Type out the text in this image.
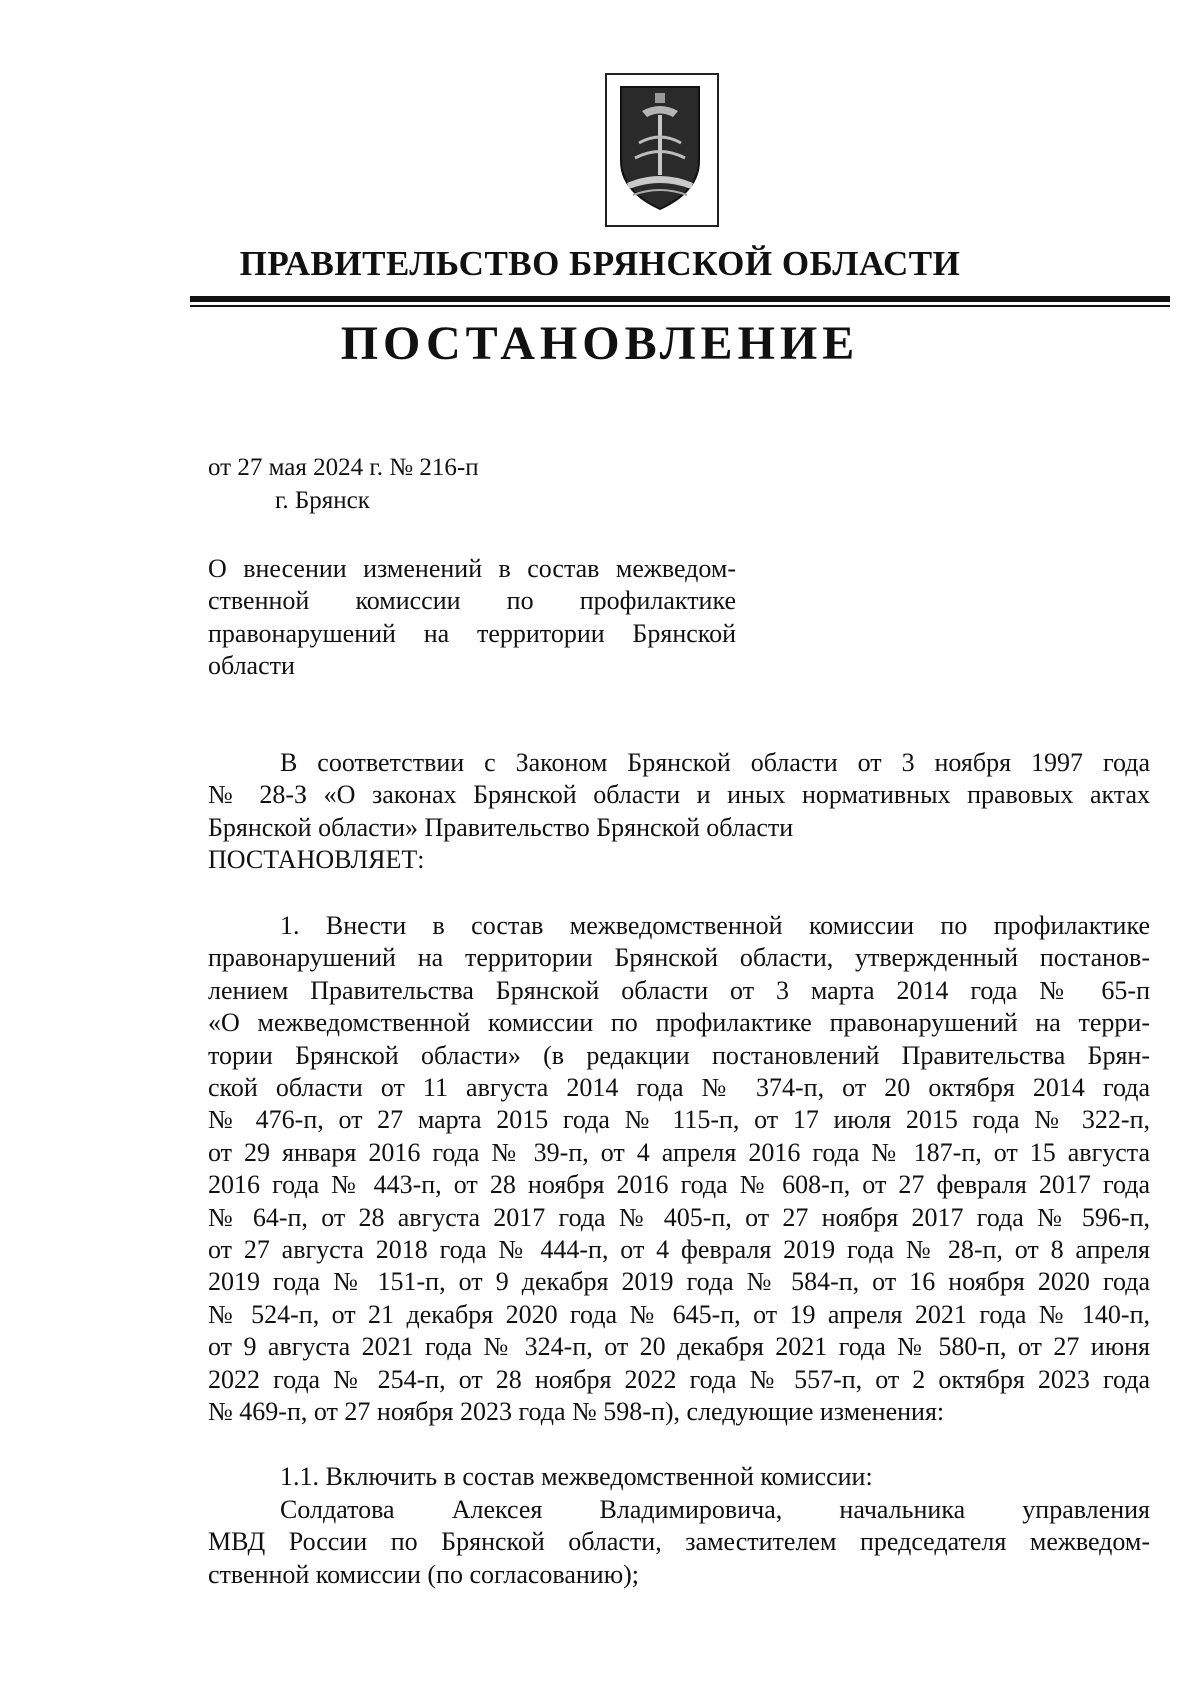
ПРАВИТЕЛЬСТВО БРЯНСКОЙ ОБЛАСТИ
ПОСТАНОВЛЕНИЕ
от 27 мая 2024 г. № 216-п
г. Брянск
О внесении изменений в состав межведом-
ственной комиссии по профилактике
правонарушений на территории Брянской
области
В соответствии с Законом Брянской области от 3 ноября 1997 года
№ 28-З «О законах Брянской области и иных нормативных правовых актах
Брянской области» Правительство Брянской области
ПОСТАНОВЛЯЕТ:
1. Внести в состав межведомственной комиссии по профилактике
правонарушений на территории Брянской области, утвержденный постанов-
лением Правительства Брянской области от 3 марта 2014 года № 65-п
«О межведомственной комиссии по профилактике правонарушений на терри-
тории Брянской области» (в редакции постановлений Правительства Брян-
ской области от 11 августа 2014 года № 374-п, от 20 октября 2014 года
№ 476-п, от 27 марта 2015 года № 115-п, от 17 июля 2015 года № 322-п,
от 29 января 2016 года № 39-п, от 4 апреля 2016 года № 187-п, от 15 августа
2016 года № 443-п, от 28 ноября 2016 года № 608-п, от 27 февраля 2017 года
№ 64-п, от 28 августа 2017 года № 405-п, от 27 ноября 2017 года № 596-п,
от 27 августа 2018 года № 444-п, от 4 февраля 2019 года № 28-п, от 8 апреля
2019 года № 151-п, от 9 декабря 2019 года № 584-п, от 16 ноября 2020 года
№ 524-п, от 21 декабря 2020 года № 645-п, от 19 апреля 2021 года № 140-п,
от 9 августа 2021 года № 324-п, от 20 декабря 2021 года № 580-п, от 27 июня
2022 года № 254-п, от 28 ноября 2022 года № 557-п, от 2 октября 2023 года
№ 469-п, от 27 ноября 2023 года № 598-п), следующие изменения:
1.1. Включить в состав межведомственной комиссии:
Солдатова Алексея Владимировича, начальника управления
МВД России по Брянской области, заместителем председателя межведом-
ственной комиссии (по согласованию);
